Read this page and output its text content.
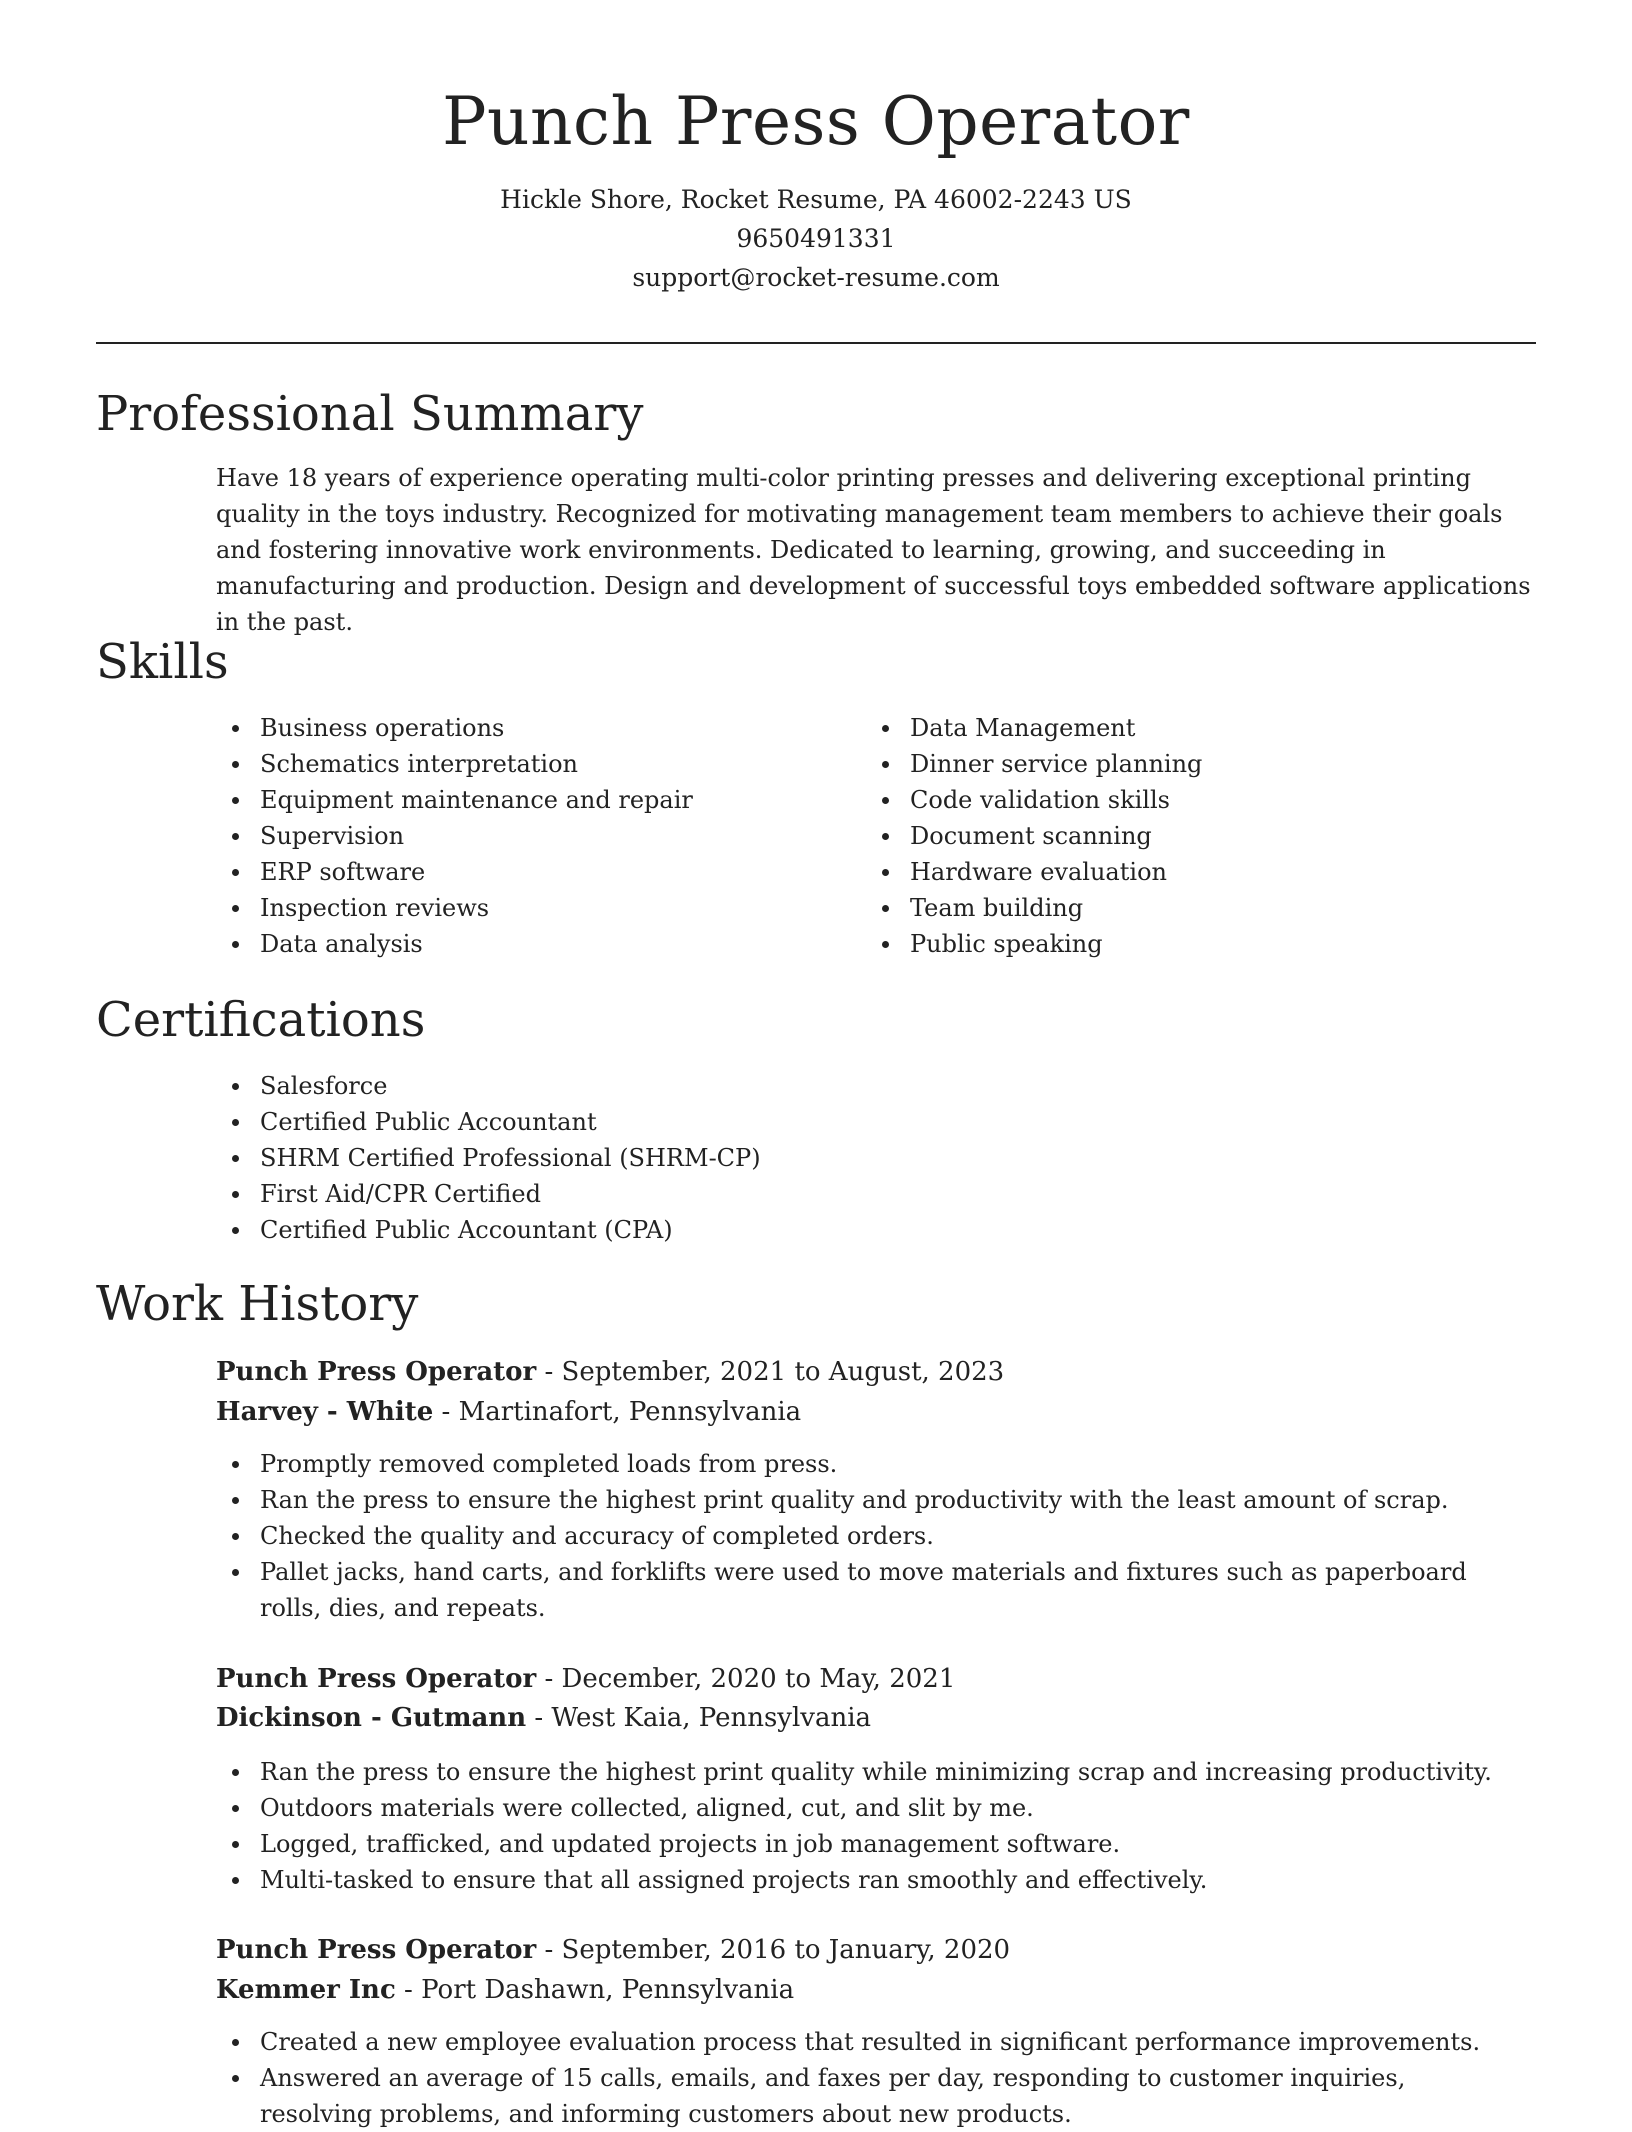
Punch Press Operator
Hickle Shore, Rocket Resume, PA 46002-2243 US
9650491331
support@rocket-resume.com
Professional Summary

Have 18 years of experience operating multi-color printing presses and delivering exceptional printing quality in the toys industry. Recognized for motivating management team members to achieve their goals and fostering innovative work environments. Dedicated to learning, growing, and succeeding in manufacturing and production. Design and development of successful toys embedded software applications in the past.

Skills
Business operations
Schematics interpretation
Equipment maintenance and repair
Supervision
ERP software
Inspection reviews
Data analysis
Data Management
Dinner service planning
Code validation skills
Document scanning
Hardware evaluation
Team building
Public speaking
Certifications
Salesforce
Certified Public Accountant
SHRM Certified Professional (SHRM-CP)
First Aid/CPR Certified
Certified Public Accountant (CPA)
Work History
Punch Press Operator - September, 2021 to August, 2023
Harvey - White - Martinafort, Pennsylvania
Promptly removed completed loads from press.
Ran the press to ensure the highest print quality and productivity with the least amount of scrap.
Checked the quality and accuracy of completed orders.
Pallet jacks, hand carts, and forklifts were used to move materials and fixtures such as paperboard rolls, dies, and repeats.
Punch Press Operator - December, 2020 to May, 2021
Dickinson - Gutmann - West Kaia, Pennsylvania
Ran the press to ensure the highest print quality while minimizing scrap and increasing productivity.
Outdoors materials were collected, aligned, cut, and slit by me.
Logged, trafficked, and updated projects in job management software.
Multi-tasked to ensure that all assigned projects ran smoothly and effectively.
Punch Press Operator - September, 2016 to January, 2020
Kemmer Inc - Port Dashawn, Pennsylvania
Created a new employee evaluation process that resulted in significant performance improvements.
Answered an average of 15 calls, emails, and faxes per day, responding to customer inquiries, resolving problems, and informing customers about new products.
